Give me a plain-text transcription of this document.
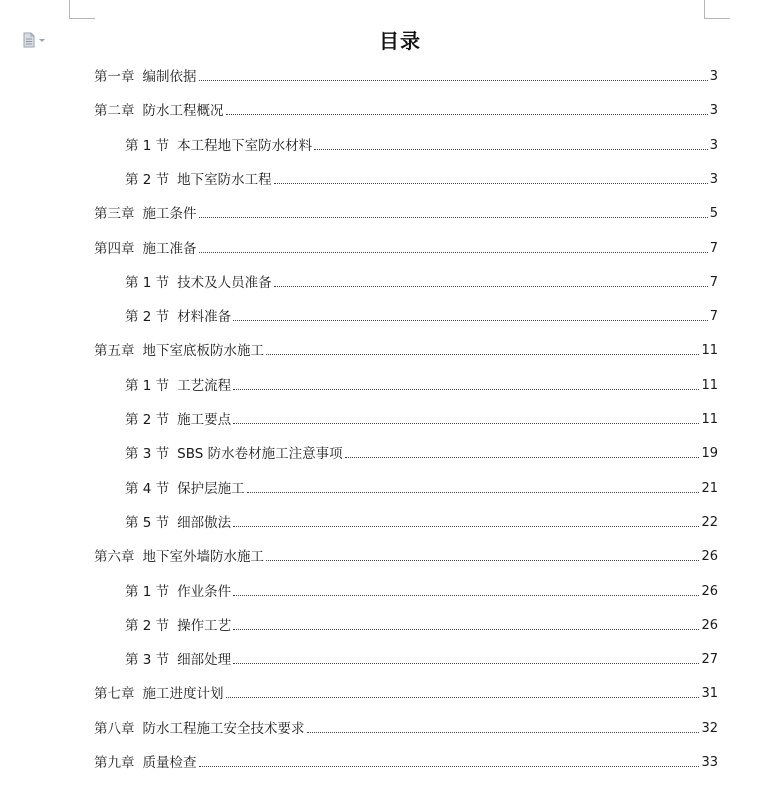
目录
第一章 编制依据	3
第二章 防水工程概况	3
第 1 节 本工程地下室防水材料	3
第 2 节 地下室防水工程	3
第三章 施工条件	5
第四章 施工准备	7
第 1 节 技术及人员准备	7
第 2 节 材料准备	7
第五章 地下室底板防水施工	11
第 1 节 工艺流程	11
第 2 节 施工要点	11
第 3 节 SBS 防水卷材施工注意事项	19
第 4 节 保护层施工	21
第 5 节 细部傲法	22
第六章 地下室外墙防水施工	26
第 1 节 作业条件	26
第 2 节 操作工艺	26
第 3 节 细部处理	27
第七章 施工进度计划	31
第八章 防水工程施工安全技术要求	32
第九章 质量检查	33
